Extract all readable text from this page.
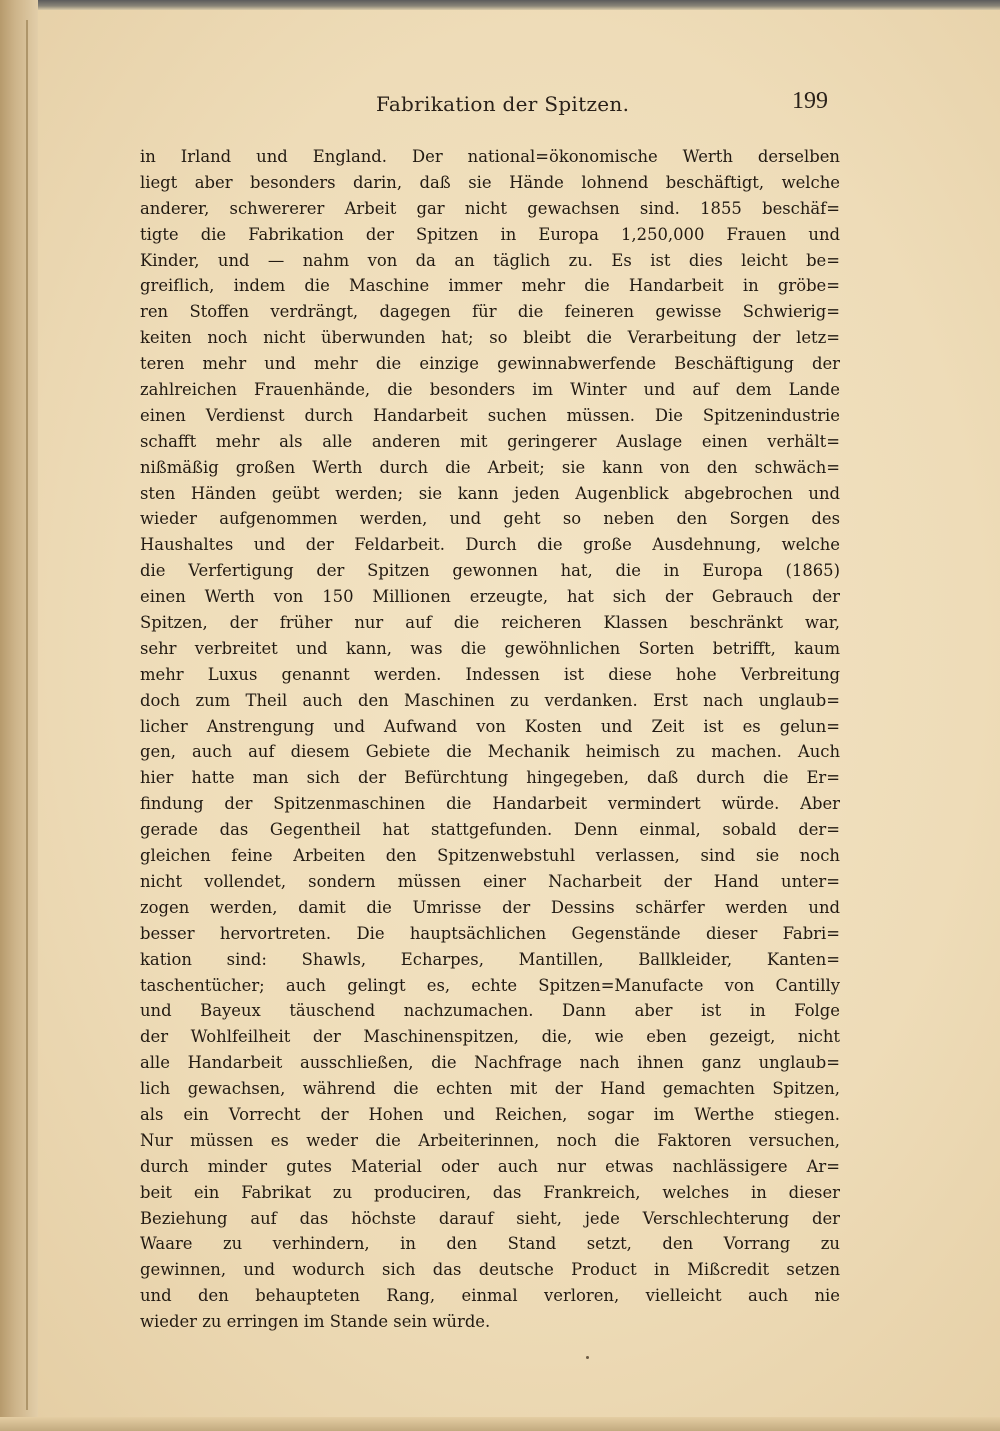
Fabrikation der Spitzen.	199
in Irland und England. Der national=ökonomische Werth derselben
liegt aber besonders darin, daß sie Hände lohnend beschäftigt, welche
anderer, schwererer Arbeit gar nicht gewachsen sind. 1855 beschäf=
tigte die Fabrikation der Spitzen in Europa 1,250,000 Frauen und
Kinder, und — nahm von da an täglich zu. Es ist dies leicht be=
greiflich, indem die Maschine immer mehr die Handarbeit in gröbe=
ren Stoffen verdrängt, dagegen für die feineren gewisse Schwierig=
keiten noch nicht überwunden hat; so bleibt die Verarbeitung der letz=
teren mehr und mehr die einzige gewinnabwerfende Beschäftigung der
zahlreichen Frauenhände, die besonders im Winter und auf dem Lande
einen Verdienst durch Handarbeit suchen müssen. Die Spitzenindustrie
schafft mehr als alle anderen mit geringerer Auslage einen verhält=
nißmäßig großen Werth durch die Arbeit; sie kann von den schwäch=
sten Händen geübt werden; sie kann jeden Augenblick abgebrochen und
wieder aufgenommen werden, und geht so neben den Sorgen des
Haushaltes und der Feldarbeit. Durch die große Ausdehnung, welche
die Verfertigung der Spitzen gewonnen hat, die in Europa (1865)
einen Werth von 150 Millionen erzeugte, hat sich der Gebrauch der
Spitzen, der früher nur auf die reicheren Klassen beschränkt war,
sehr verbreitet und kann, was die gewöhnlichen Sorten betrifft, kaum
mehr Luxus genannt werden. Indessen ist diese hohe Verbreitung
doch zum Theil auch den Maschinen zu verdanken. Erst nach unglaub=
licher Anstrengung und Aufwand von Kosten und Zeit ist es gelun=
gen, auch auf diesem Gebiete die Mechanik heimisch zu machen. Auch
hier hatte man sich der Befürchtung hingegeben, daß durch die Er=
findung der Spitzenmaschinen die Handarbeit vermindert würde. Aber
gerade das Gegentheil hat stattgefunden. Denn einmal, sobald der=
gleichen feine Arbeiten den Spitzenwebstuhl verlassen, sind sie noch
nicht vollendet, sondern müssen einer Nacharbeit der Hand unter=
zogen werden, damit die Umrisse der Dessins schärfer werden und
besser hervortreten. Die hauptsächlichen Gegenstände dieser Fabri=
kation sind: Shawls, Echarpes, Mantillen, Ballkleider, Kanten=
taschentücher; auch gelingt es, echte Spitzen=Manufacte von Cantilly
und Bayeux täuschend nachzumachen. Dann aber ist in Folge
der Wohlfeilheit der Maschinenspitzen, die, wie eben gezeigt, nicht
alle Handarbeit ausschließen, die Nachfrage nach ihnen ganz unglaub=
lich gewachsen, während die echten mit der Hand gemachten Spitzen,
als ein Vorrecht der Hohen und Reichen, sogar im Werthe stiegen.
Nur müssen es weder die Arbeiterinnen, noch die Faktoren versuchen,
durch minder gutes Material oder auch nur etwas nachlässigere Ar=
beit ein Fabrikat zu produciren, das Frankreich, welches in dieser
Beziehung auf das höchste darauf sieht, jede Verschlechterung der
Waare zu verhindern, in den Stand setzt, den Vorrang zu
gewinnen, und wodurch sich das deutsche Product in Mißcredit setzen
und den behaupteten Rang, einmal verloren, vielleicht auch nie
wieder zu erringen im Stande sein würde.
